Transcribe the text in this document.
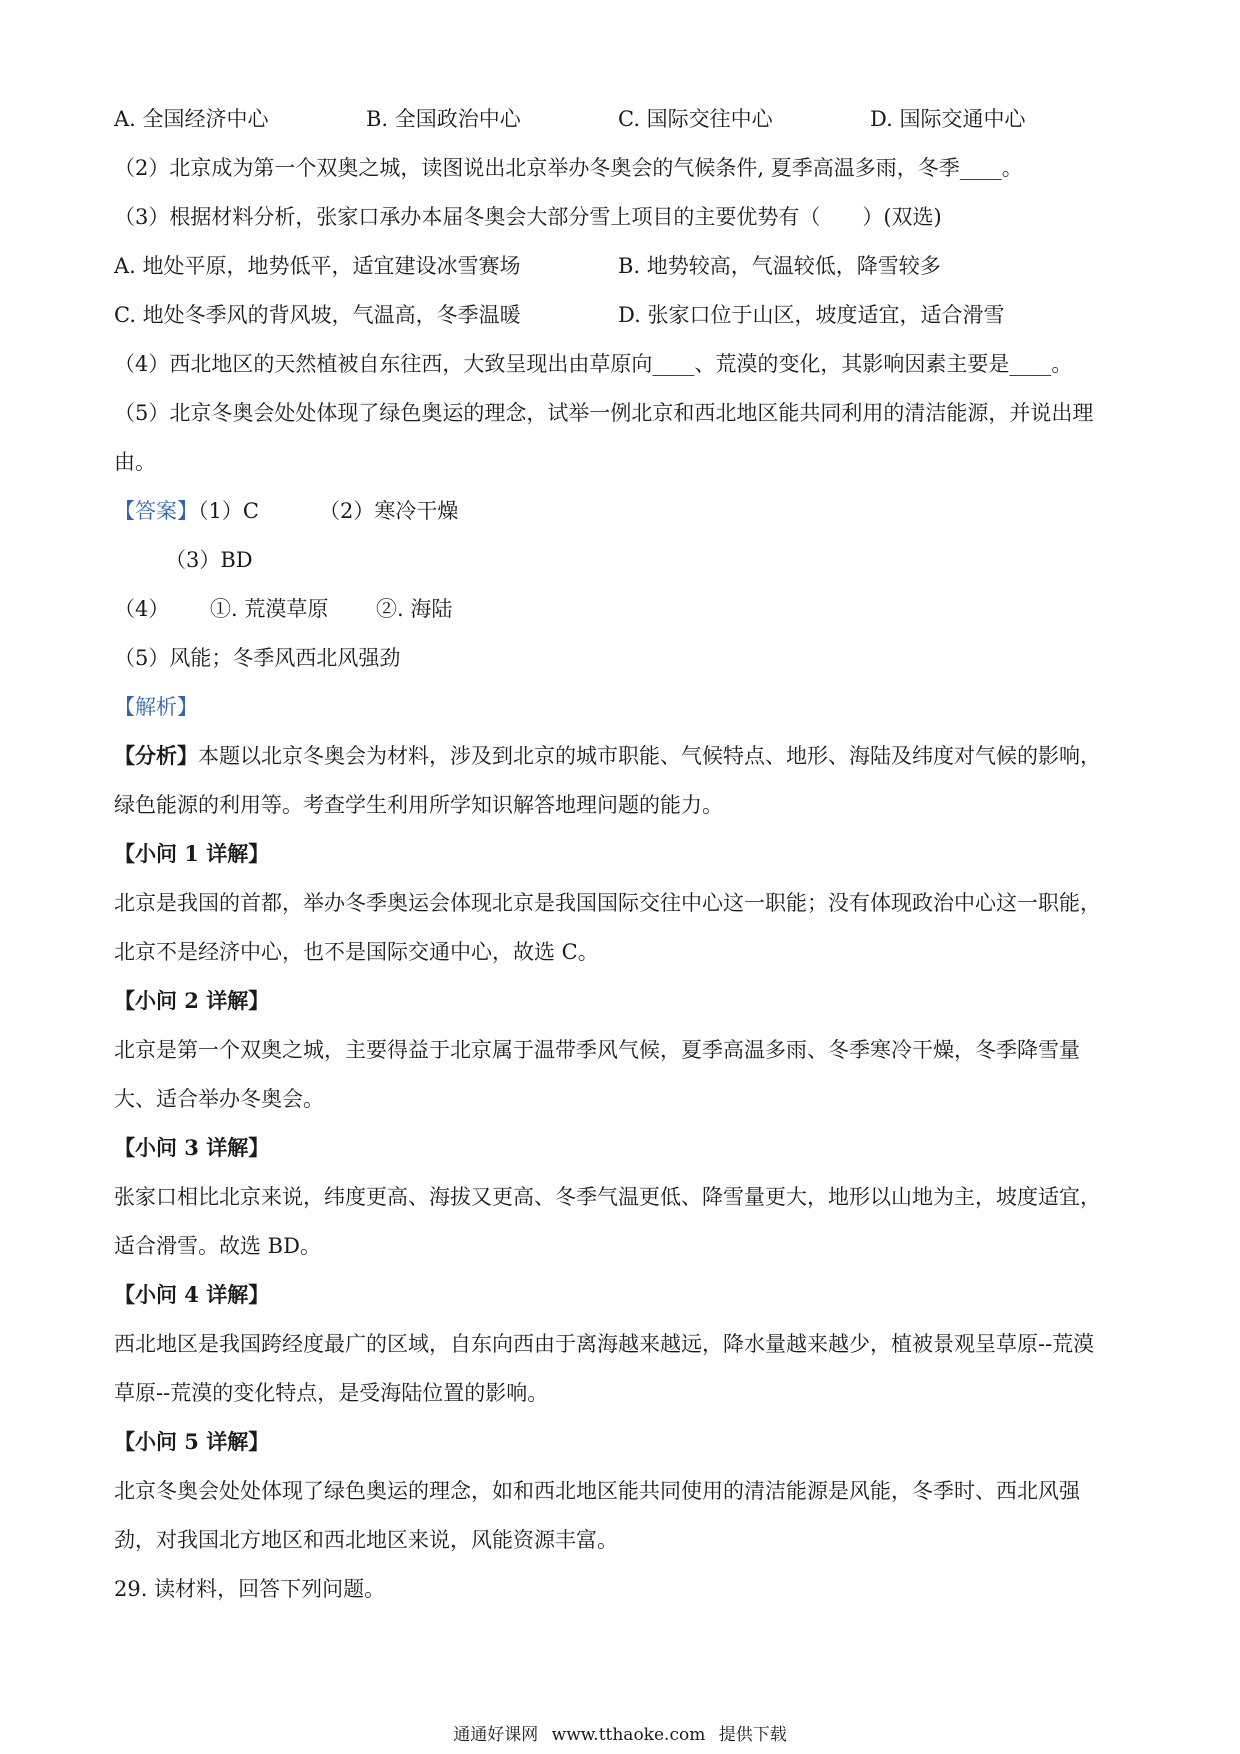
A. 全国经济中心	B. 全国政治中心	C. 国际交往中心	D. 国际交通中心
（2）北京成为第一个双奥之城，读图说出北京举办冬奥会的气候条件, 夏季高温多雨，冬季____。
（3）根据材料分析，张家口承办本届冬奥会大部分雪上项目的主要优势有（　　）(双选)
A. 地处平原，地势低平，适宜建设冰雪赛场	B. 地势较高，气温较低，降雪较多
C. 地处冬季风的背风坡，气温高，冬季温暖	D. 张家口位于山区，坡度适宜，适合滑雪
（4）西北地区的天然植被自东往西，大致呈现出由草原向____、荒漠的变化，其影响因素主要是____。
（5）北京冬奥会处处体现了绿色奥运的理念，试举一例北京和西北地区能共同利用的清洁能源，并说出理
由。
【答案】（1）C	（2）寒冷干燥
（3）BD
（4） ①. 荒漠草原 ②. 海陆
（5）风能；冬季风西北风强劲
【解析】
【分析】本题以北京冬奥会为材料，涉及到北京的城市职能、气候特点、地形、海陆及纬度对气候的影响，
绿色能源的利用等。考查学生利用所学知识解答地理问题的能力。
【小问 1 详解】
北京是我国的首都，举办冬季奥运会体现北京是我国国际交往中心这一职能；没有体现政治中心这一职能，
北京不是经济中心，也不是国际交通中心，故选 C。
【小问 2 详解】
北京是第一个双奥之城，主要得益于北京属于温带季风气候，夏季高温多雨、冬季寒冷干燥，冬季降雪量
大、适合举办冬奥会。
【小问 3 详解】
张家口相比北京来说，纬度更高、海拔又更高、冬季气温更低、降雪量更大，地形以山地为主，坡度适宜，
适合滑雪。故选 BD。
【小问 4 详解】
西北地区是我国跨经度最广的区域，自东向西由于离海越来越远，降水量越来越少，植被景观呈草原--荒漠
草原--荒漠的变化特点，是受海陆位置的影响。
【小问 5 详解】
北京冬奥会处处体现了绿色奥运的理念，如和西北地区能共同使用的清洁能源是风能，冬季时、西北风强
劲，对我国北方地区和西北地区来说，风能资源丰富。
29. 读材料，回答下列问题。
通通好课网 www.tthaoke.com 提供下载
